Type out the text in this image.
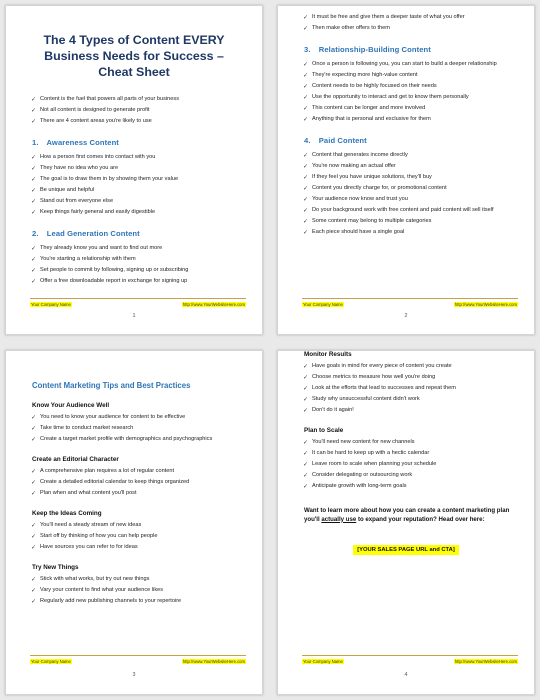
The 4 Types of Content EVERY Business Needs for Success – Cheat Sheet
✓ Content is the fuel that powers all parts of your business
✓ Not all content is designed to generate profit
✓ There are 4 content areas you're likely to use
1. Awareness Content
✓ How a person first comes into contact with you
✓ They have no idea who you are
✓ The goal is to draw them in by showing them your value
✓ Be unique and helpful
✓ Stand out from everyone else
✓ Keep things fairly general and easily digestible
2. Lead Generation Content
✓ They already know you and want to find out more
✓ You're starting a relationship with them
✓ Set people to commit by following, signing up or subscribing
✓ Offer a free downloadable report in exchange for signing up
Your Company Name	http://www.YourWebsiteHere.com
1
✓ It must be free and give them a deeper taste of what you offer
✓ Then make other offers to them
3. Relationship-Building Content
✓ Once a person is following you, you can start to build a deeper relationship
✓ They're expecting more high-value content
✓ Content needs to be highly focused on their needs
✓ Use the opportunity to interact and get to know them personally
✓ This content can be longer and more involved
✓ Anything that is personal and exclusive for them
4. Paid Content
✓ Content that generates income directly
✓ You're now making an actual offer
✓ If they feel you have unique solutions, they'll buy
✓ Content you directly charge for, or promotional content
✓ Your audience now know and trust you
✓ Do your background work with free content and paid content will sell itself
✓ Some content may belong to multiple categories
✓ Each piece should have a single goal
Your Company Name	http://www.YourWebsiteHere.com
2
Content Marketing Tips and Best Practices
Know Your Audience Well
✓ You need to know your audience for content to be effective
✓ Take time to conduct market research
✓ Create a target market profile with demographics and psychographics
Create an Editorial Character
✓ A comprehensive plan requires a lot of regular content
✓ Create a detailed editorial calendar to keep things organized
✓ Plan when and what content you'll post
Keep the Ideas Coming
✓ You'll need a steady stream of new ideas
✓ Start off by thinking of how you can help people
✓ Have sources you can refer to for ideas
Try New Things
✓ Stick with what works, but try out new things
✓ Vary your content to find what your audience likes
✓ Regularly add new publishing channels to your repertoire
Your Company Name	http://www.YourWebsiteHere.com
3
Monitor Results
✓ Have goals in mind for every piece of content you create
✓ Choose metrics to measure how well you're doing
✓ Look at the efforts that lead to successes and repeat them
✓ Study why unsuccessful content didn't work
✓ Don't do it again!
Plan to Scale
✓ You'll need new content for new channels
✓ It can be hard to keep up with a hectic calendar
✓ Leave room to scale when planning your schedule
✓ Consider delegating or outsourcing work
✓ Anticipate growth with long-term goals
Want to learn more about how you can create a content marketing plan you'll actually use to expand your reputation? Head over here:
[YOUR SALES PAGE URL and CTA]
Your Company Name	http://www.YourWebsiteHere.com
4
